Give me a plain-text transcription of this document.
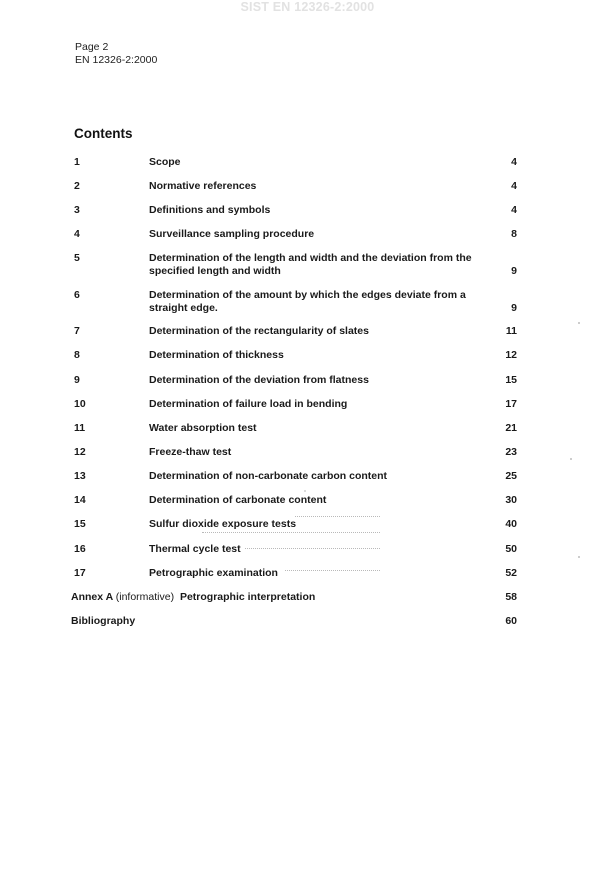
SIST EN 12326-2:2000
Page 2
EN 12326-2:2000
Contents
1	Scope	4
2	Normative references	4
3	Definitions and symbols	4
4	Surveillance sampling procedure	8
5	Determination of the length and width and the deviation from the specified length and width	9
6	Determination of the amount by which the edges deviate from a straight edge.	9
7	Determination of the rectangularity of slates	11
8	Determination of thickness	12
9	Determination of the deviation from flatness	15
10	Determination of failure load in bending	17
11	Water absorption test	21
12	Freeze-thaw test	23
13	Determination of non-carbonate carbon content	25
14	Determination of carbonate content	30
15	Sulfur dioxide exposure tests	40
16	Thermal cycle test	50
17	Petrographic examination	52
Annex A (informative) Petrographic interpretation	58
Bibliography	60
